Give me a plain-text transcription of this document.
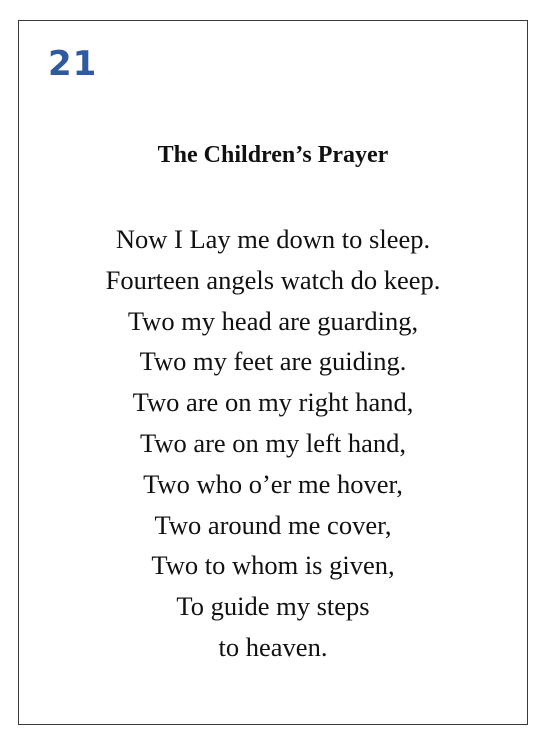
21
The Children’s Prayer
Now I Lay me down to sleep.
Fourteen angels watch do keep.
Two my head are guarding,
Two my feet are guiding.
Two are on my right hand,
Two are on my left hand,
Two who o’er me hover,
Two around me cover,
Two to whom is given,
To guide my steps
to heaven.
